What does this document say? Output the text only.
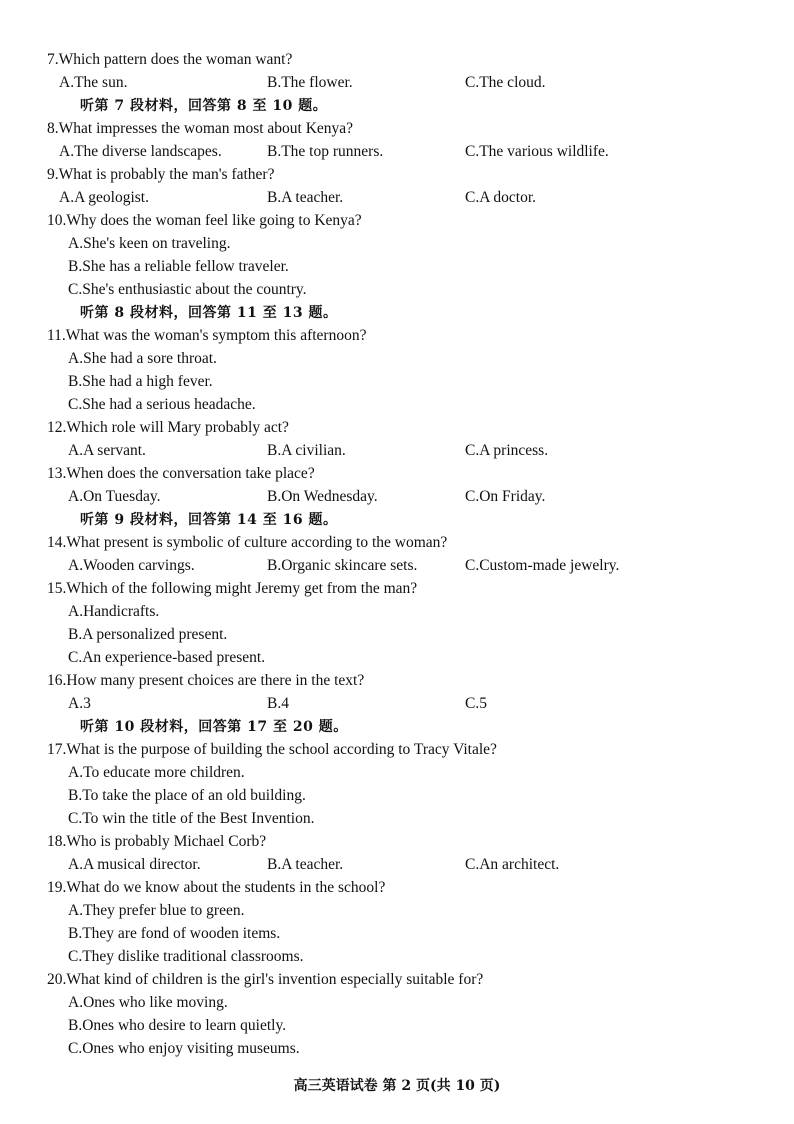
7.Which pattern does the woman want?
A.The sun.	B.The flower.	C.The cloud.
听第 7 段材料，回答第 8 至 10 题。
8.What impresses the woman most about Kenya?
A.The diverse landscapes.	B.The top runners.	C.The various wildlife.
9.What is probably the man's father?
A.A geologist.	B.A teacher.	C.A doctor.
10.Why does the woman feel like going to Kenya?
A.She's keen on traveling.
B.She has a reliable fellow traveler.
C.She's enthusiastic about the country.
听第 8 段材料，回答第 11 至 13 题。
11.What was the woman's symptom this afternoon?
A.She had a sore throat.
B.She had a high fever.
C.She had a serious headache.
12.Which role will Mary probably act?
A.A servant.	B.A civilian.	C.A princess.
13.When does the conversation take place?
A.On Tuesday.	B.On Wednesday.	C.On Friday.
听第 9 段材料，回答第 14 至 16 题。
14.What present is symbolic of culture according to the woman?
A.Wooden carvings.	B.Organic skincare sets.	C.Custom-made jewelry.
15.Which of the following might Jeremy get from the man?
A.Handicrafts.
B.A personalized present.
C.An experience-based present.
16.How many present choices are there in the text?
A.3	B.4	C.5
听第 10 段材料，回答第 17 至 20 题。
17.What is the purpose of building the school according to Tracy Vitale?
A.To educate more children.
B.To take the place of an old building.
C.To win the title of the Best Invention.
18.Who is probably Michael Corb?
A.A musical director.	B.A teacher.	C.An architect.
19.What do we know about the students in the school?
A.They prefer blue to green.
B.They are fond of wooden items.
C.They dislike traditional classrooms.
20.What kind of children is the girl's invention especially suitable for?
A.Ones who like moving.
B.Ones who desire to learn quietly.
C.Ones who enjoy visiting museums.
高三英语试卷 第 2 页(共 10 页)
